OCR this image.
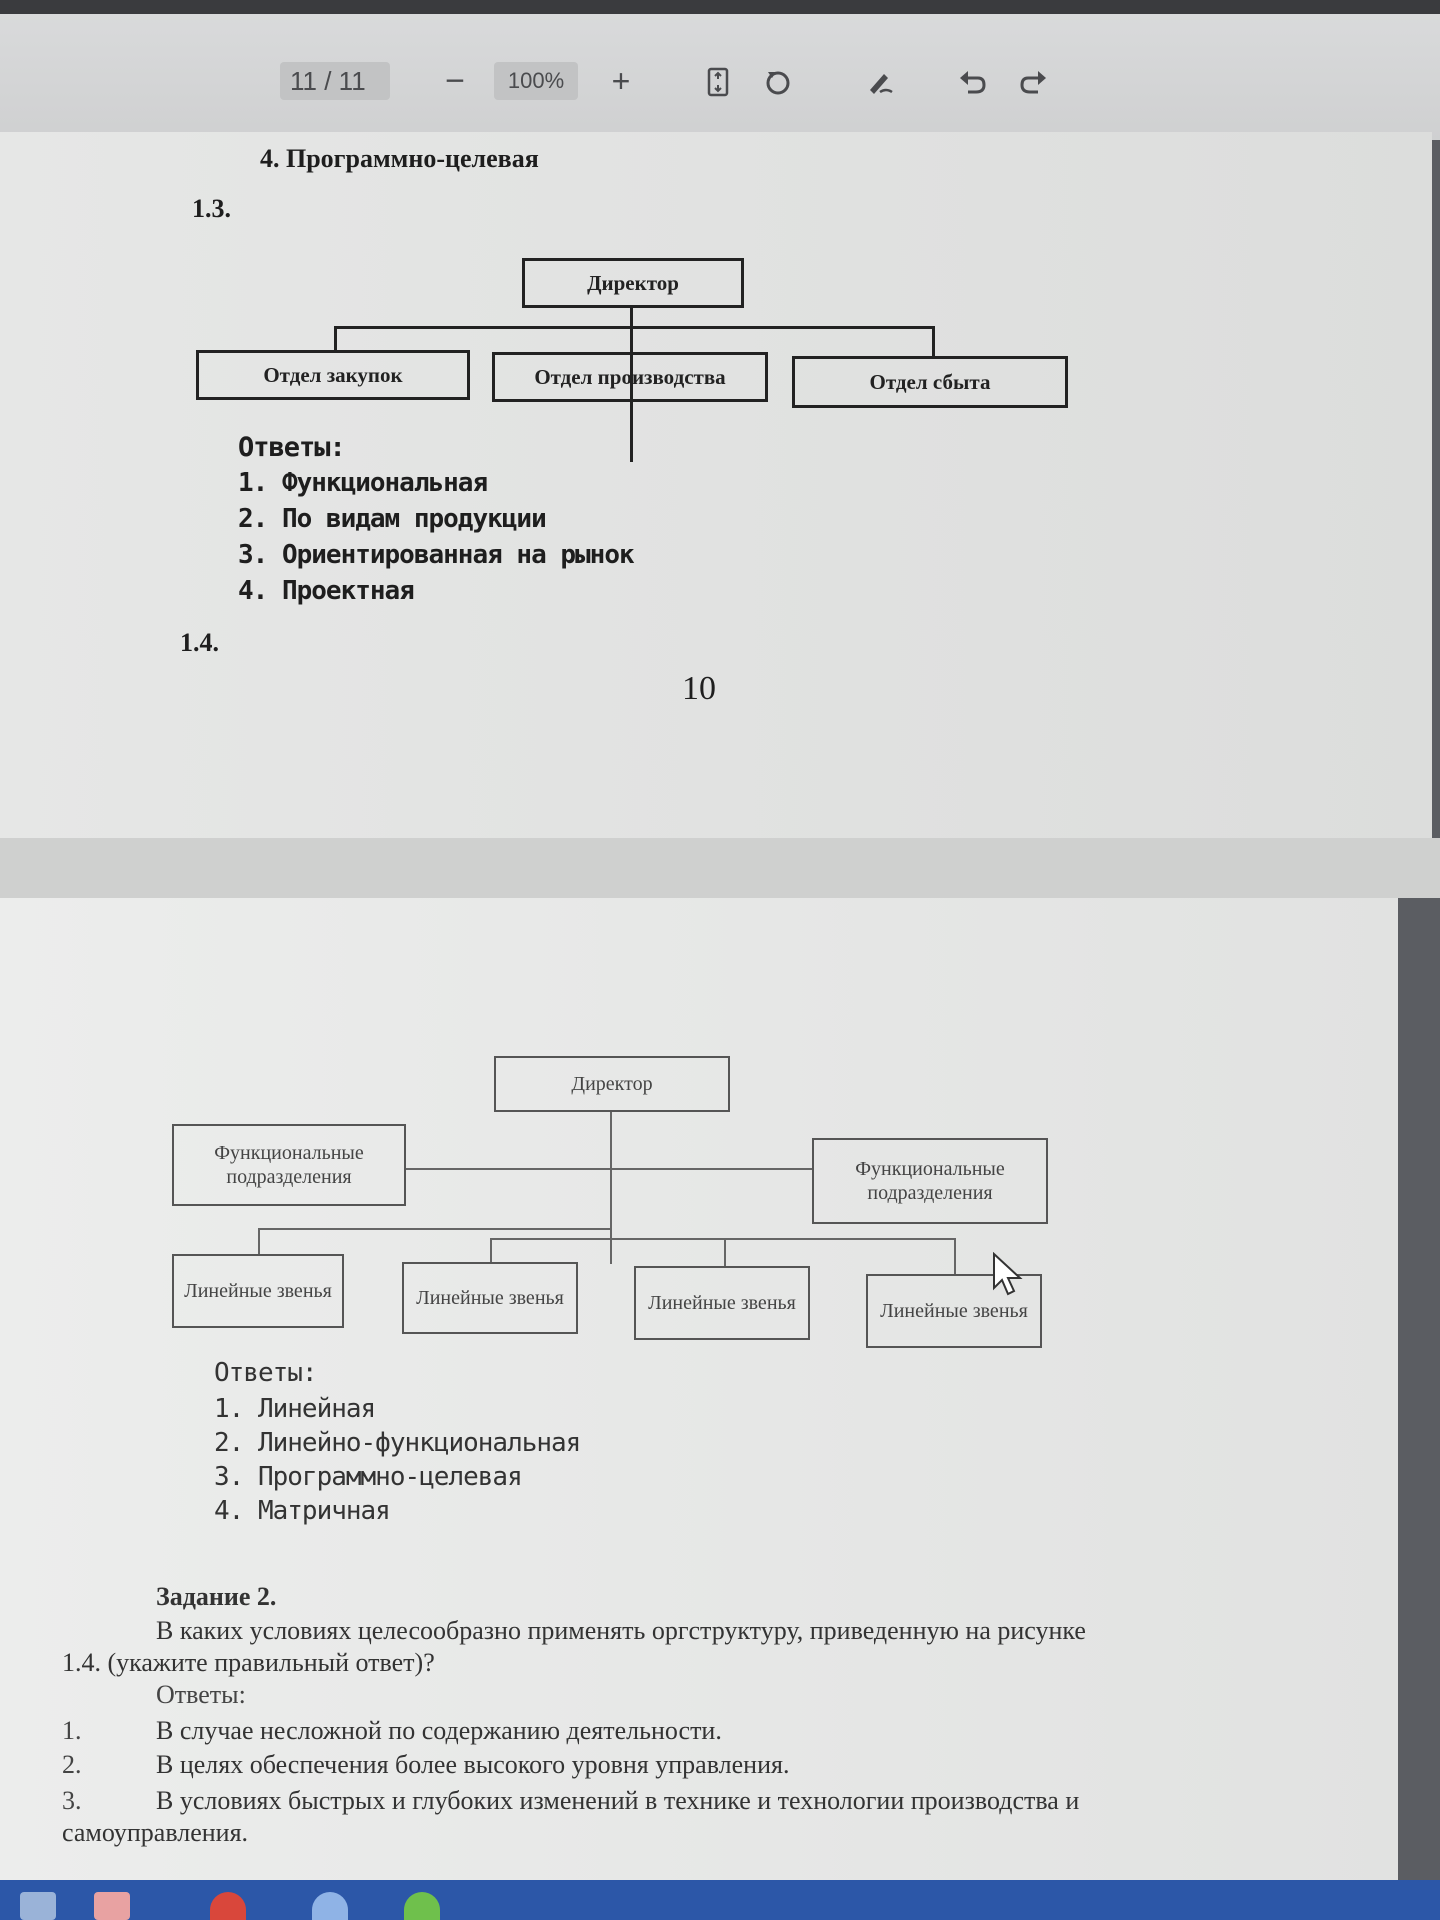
11 / 11	−	100%	+
4. Программно-целевая
1.3.
Директор
Отдел закупок	Отдел производства	Отдел сбыта
Ответы:
1. Функциональная
2. По видам продукции
3. Ориентированная на рынок
4. Проектная
1.4.
10
Директор
Функциональные подразделения	Функциональные подразделения
Линейные звенья	Линейные звенья	Линейные звенья	Линейные звенья
Ответы:
1. Линейная
2. Линейно-функциональная
3. Программно-целевая
4. Матричная
Задание 2.
В каких условиях целесообразно применять оргструктуру, приведенную на рисунке
1.4. (укажите правильный ответ)?
Ответы:
1.	В случае несложной по содержанию деятельности.
2.	В целях обеспечения более высокого уровня управления.
3.	В условиях быстрых и глубоких изменений в технике и технологии производства и
самоуправления.
